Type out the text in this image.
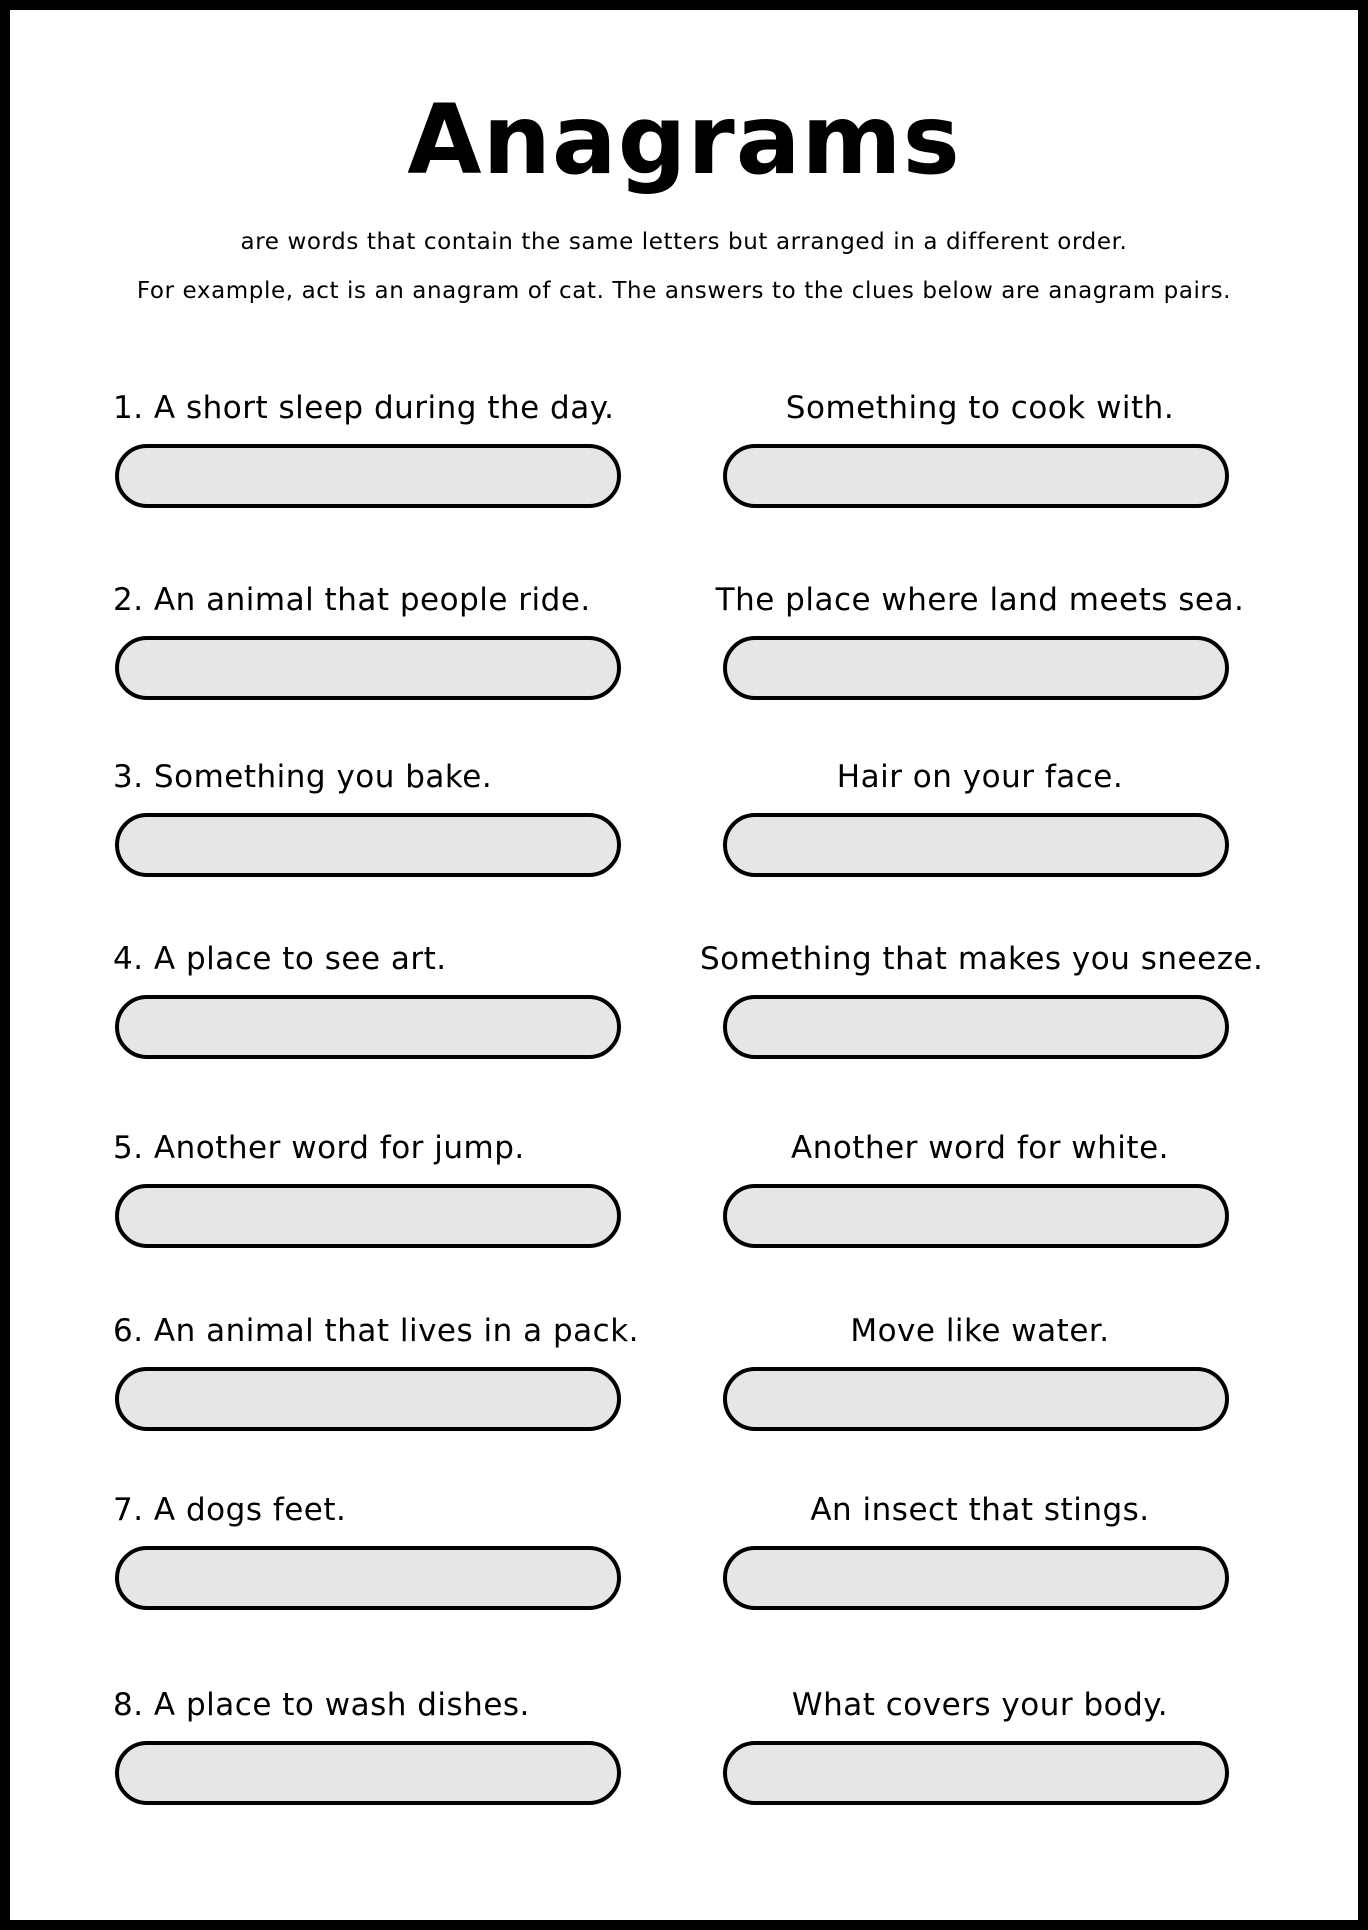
Anagrams
are words that contain the same letters but arranged in a different order.
For example, act is an anagram of cat. The answers to the clues below are anagram pairs.
1. A short sleep during the day.	Something to cook with.
2. An animal that people ride.	The place where land meets sea.
3. Something you bake.	Hair on your face.
4. A place to see art.	Something that makes you sneeze.
5. Another word for jump.	Another word for white.
6. An animal that lives in a pack.	Move like water.
7. A dogs feet.	An insect that stings.
8. A place to wash dishes.	What covers your body.
